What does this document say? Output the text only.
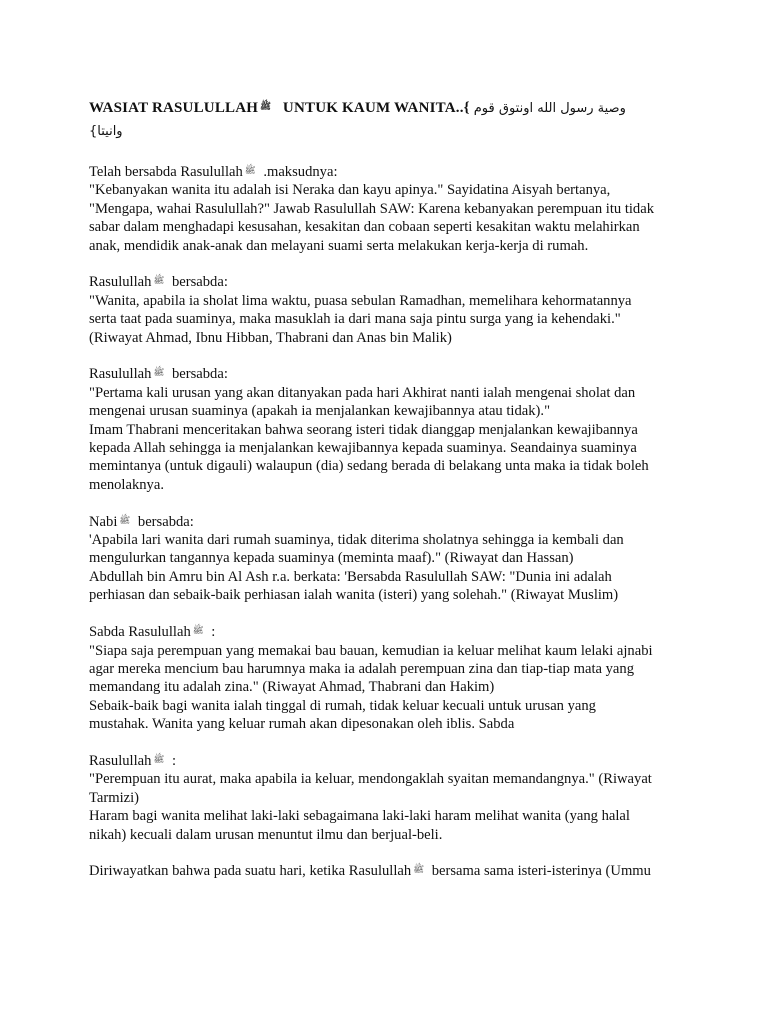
WASIAT RASULULLAH ﷺ UNTUK KAUM WANITA..{ وصية رسول الله اونتوق قوم
وانيتا}
Telah bersabda Rasulullah ﷺ .maksudnya:
"Kebanyakan wanita itu adalah isi Neraka dan kayu apinya." Sayidatina Aisyah bertanya,
"Mengapa, wahai Rasulullah?" Jawab Rasulullah SAW: Karena kebanyakan perempuan itu tidak
sabar dalam menghadapi kesusahan, kesakitan dan cobaan seperti kesakitan waktu melahirkan
anak, mendidik anak-anak dan melayani suami serta melakukan kerja-kerja di rumah.
Rasulullah ﷺ bersabda:
"Wanita, apabila ia sholat lima waktu, puasa sebulan Ramadhan, memelihara kehormatannya
serta taat pada suaminya, maka masuklah ia dari mana saja pintu surga yang ia kehendaki."
(Riwayat Ahmad, Ibnu Hibban, Thabrani dan Anas bin Malik)
Rasulullah ﷺ bersabda:
"Pertama kali urusan yang akan ditanyakan pada hari Akhirat nanti ialah mengenai sholat dan
mengenai urusan suaminya (apakah ia menjalankan kewajibannya atau tidak)."
Imam Thabrani menceritakan bahwa seorang isteri tidak dianggap menjalankan kewajibannya
kepada Allah sehingga ia menjalankan kewajibannya kepada suaminya. Seandainya suaminya
memintanya (untuk digauli) walaupun (dia) sedang berada di belakang unta maka ia tidak boleh
menolaknya.
Nabi ﷺ bersabda:
'Apabila lari wanita dari rumah suaminya, tidak diterima sholatnya sehingga ia kembali dan
mengulurkan tangannya kepada suaminya (meminta maaf)." (Riwayat dan Hassan)
Abdullah bin Amru bin Al Ash r.a. berkata: 'Bersabda Rasulullah SAW: "Dunia ini adalah
perhiasan dan sebaik-baik perhiasan ialah wanita (isteri) yang solehah." (Riwayat Muslim)
Sabda Rasulullah ﷺ :
"Siapa saja perempuan yang memakai bau bauan, kemudian ia keluar melihat kaum lelaki ajnabi
agar mereka mencium bau harumnya maka ia adalah perempuan zina dan tiap-tiap mata yang
memandang itu adalah zina." (Riwayat Ahmad, Thabrani dan Hakim)
Sebaik-baik bagi wanita ialah tinggal di rumah, tidak keluar kecuali untuk urusan yang
mustahak. Wanita yang keluar rumah akan dipesonakan oleh iblis. Sabda
Rasulullah ﷺ :
"Perempuan itu aurat, maka apabila ia keluar, mendongaklah syaitan memandangnya." (Riwayat
Tarmizi)
Haram bagi wanita melihat laki-laki sebagaimana laki-laki haram melihat wanita (yang halal
nikah) kecuali dalam urusan menuntut ilmu dan berjual-beli.
Diriwayatkan bahwa pada suatu hari, ketika Rasulullah ﷺ bersama sama isteri-isterinya (Ummu
